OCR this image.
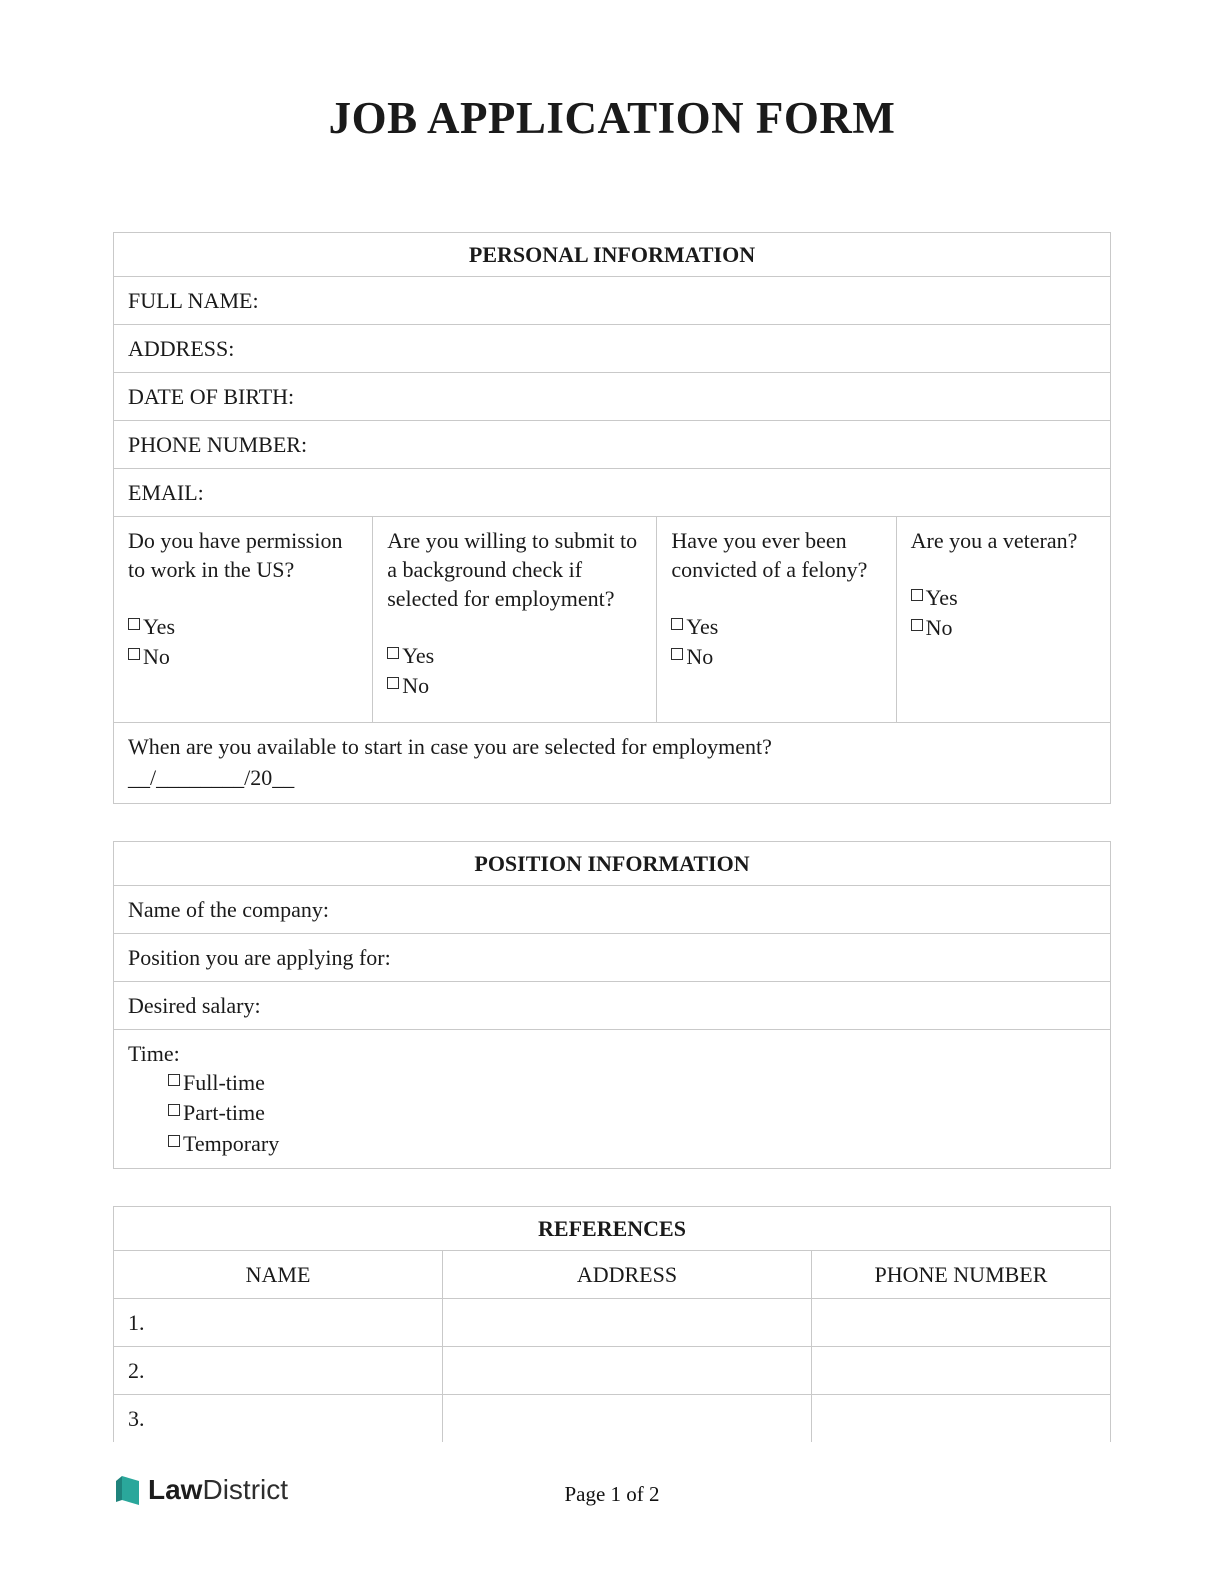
JOB APPLICATION FORM
PERSONAL INFORMATION
FULL NAME:
ADDRESS:
DATE OF BIRTH:
PHONE NUMBER:
EMAIL:

Do you have permission to work in the US?
Yes
No

Are you willing to submit to a background check if selected for employment?
Yes
No

Have you ever been convicted of a felony?
Yes
No

Are you a veteran?
Yes
No

When are you available to start in case you are selected for employment?
__/________/20__
POSITION INFORMATION
Name of the company:
Position you are applying for:
Desired salary:

Time:
Full-time
Part-time
Temporary
REFERENCES		
NAME	ADDRESS	PHONE NUMBER
1.		
2.		
3.		
LawDistrict	Page 1 of 2
